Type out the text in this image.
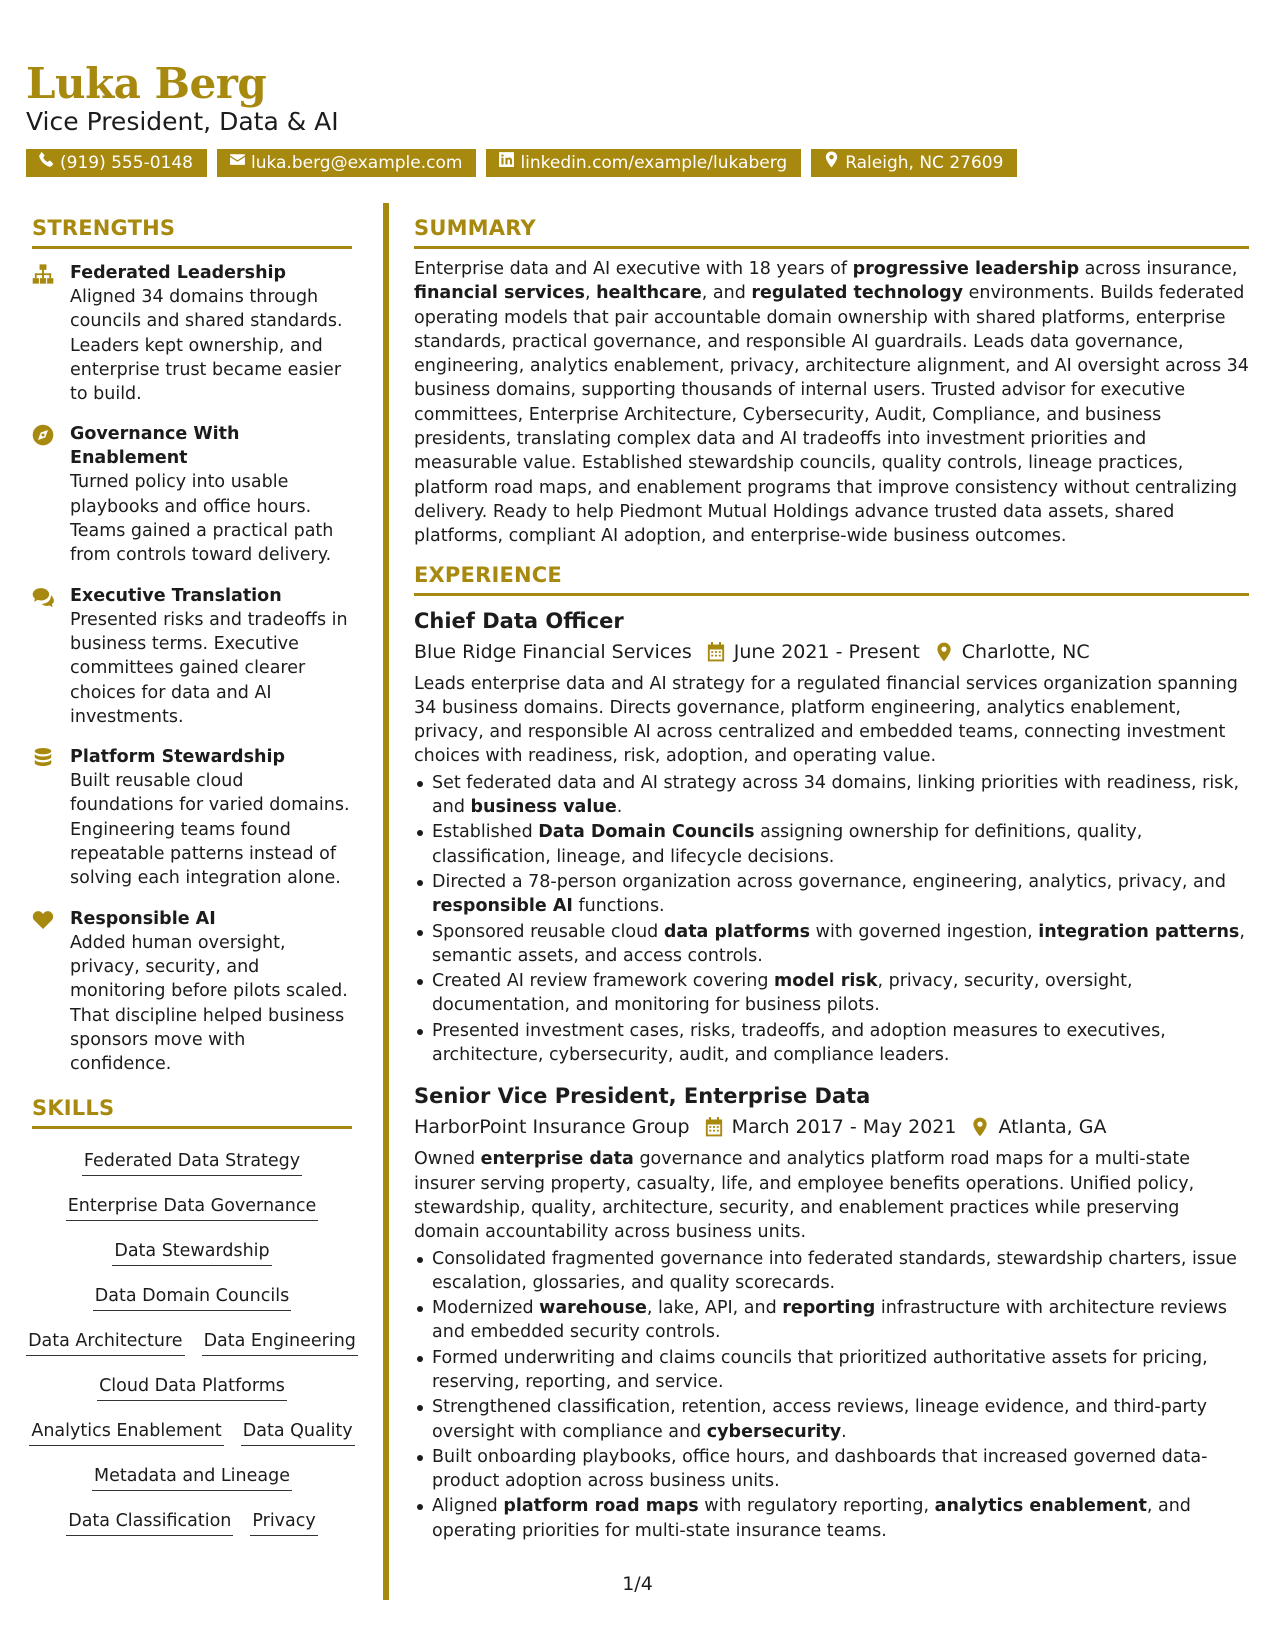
Luka Berg
Vice President, Data & AI
(919) 555-0148	luka.berg@example.com	linkedin.com/example/lukaberg	Raleigh, NC 27609
STRENGTHS
Federated Leadership
Aligned 34 domains through councils and shared standards. Leaders kept ownership, and enterprise trust became easier to build.
Governance With Enablement
Turned policy into usable playbooks and office hours. Teams gained a practical path from controls toward delivery.
Executive Translation
Presented risks and tradeoffs in business terms. Executive committees gained clearer choices for data and AI investments.
Platform Stewardship
Built reusable cloud foundations for varied domains. Engineering teams found repeatable patterns instead of solving each integration alone.
Responsible AI
Added human oversight, privacy, security, and monitoring before pilots scaled. That discipline helped business sponsors move with confidence.
SKILLS
Federated Data Strategy
Enterprise Data Governance
Data Stewardship
Data Domain Councils
Data Architecture Data Engineering
Cloud Data Platforms
Analytics Enablement Data Quality
Metadata and Lineage
Data Classification Privacy
SUMMARY
Enterprise data and AI executive with 18 years of progressive leadership across insurance, financial services, healthcare, and regulated technology environments. Builds federated operating models that pair accountable domain ownership with shared platforms, enterprise standards, practical governance, and responsible AI guardrails. Leads data governance, engineering, analytics enablement, privacy, architecture alignment, and AI oversight across 34 business domains, supporting thousands of internal users. Trusted advisor for executive committees, Enterprise Architecture, Cybersecurity, Audit, Compliance, and business presidents, translating complex data and AI tradeoffs into investment priorities and measurable value. Established stewardship councils, quality controls, lineage practices, platform road maps, and enablement programs that improve consistency without centralizing delivery. Ready to help Piedmont Mutual Holdings advance trusted data assets, shared platforms, compliant AI adoption, and enterprise-wide business outcomes.
EXPERIENCE
Chief Data Officer
Blue Ridge Financial Services June 2021 - Present Charlotte, NC
Leads enterprise data and AI strategy for a regulated financial services organization spanning 34 business domains. Directs governance, platform engineering, analytics enablement, privacy, and responsible AI across centralized and embedded teams, connecting investment choices with readiness, risk, adoption, and operating value.
Set federated data and AI strategy across 34 domains, linking priorities with readiness, risk, and business value.
Established Data Domain Councils assigning ownership for definitions, quality, classification, lineage, and lifecycle decisions.
Directed a 78-person organization across governance, engineering, analytics, privacy, and responsible AI functions.
Sponsored reusable cloud data platforms with governed ingestion, integration patterns, semantic assets, and access controls.
Created AI review framework covering model risk, privacy, security, oversight, documentation, and monitoring for business pilots.
Presented investment cases, risks, tradeoffs, and adoption measures to executives, architecture, cybersecurity, audit, and compliance leaders.
Senior Vice President, Enterprise Data
HarborPoint Insurance Group March 2017 - May 2021 Atlanta, GA
Owned enterprise data governance and analytics platform road maps for a multi-state insurer serving property, casualty, life, and employee benefits operations. Unified policy, stewardship, quality, architecture, security, and enablement practices while preserving domain accountability across business units.
Consolidated fragmented governance into federated standards, stewardship charters, issue escalation, glossaries, and quality scorecards.
Modernized warehouse, lake, API, and reporting infrastructure with architecture reviews and embedded security controls.
Formed underwriting and claims councils that prioritized authoritative assets for pricing, reserving, reporting, and service.
Strengthened classification, retention, access reviews, lineage evidence, and third-party oversight with compliance and cybersecurity.
Built onboarding playbooks, office hours, and dashboards that increased governed data-product adoption across business units.
Aligned platform road maps with regulatory reporting, analytics enablement, and operating priorities for multi-state insurance teams.
1/4
